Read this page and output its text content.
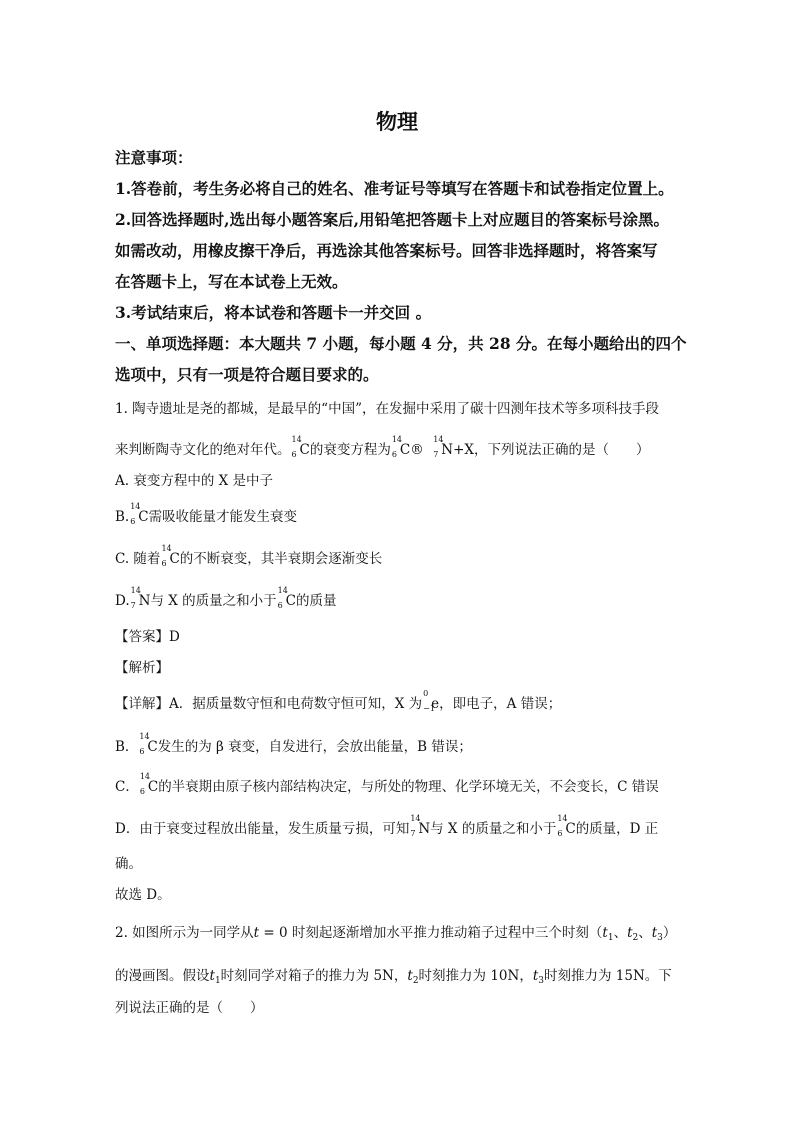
物理
注意事项：
1.答卷前，考生务必将自己的姓名、准考证号等填写在答题卡和试卷指定位置上。
2.回答选择题时,选出每小题答案后,用铅笔把答题卡上对应题目的答案标号涂黑。
如需改动，用橡皮擦干净后，再选涂其他答案标号。回答非选择题时，将答案写
在答题卡上，写在本试卷上无效。
3.考试结束后，将本试卷和答题卡一并交回 。
一、单项选择题：本大题共 7 小题，每小题 4 分，共 28 分。在每小题给出的四个
选项中，只有一项是符合题目要求的。
1. 陶寺遗址是尧的都城，是最早的“中国”，在发掘中采用了碳十四测年技术等多项科技手段
来判断陶寺文化的绝对年代。
14
6 C的衰变方程为
14
6 C®
14
7 N+X，下列说法正确的是（　　）
A. 衰变方程中的 X 是中子
B.
14
6 C需吸收能量才能发生衰变
C. 随着
14
6 C的不断衰变，其半衰期会逐渐变长
D.
14
7 N与 X 的质量之和小于
14
6 C的质量
【答案】D
【解析】
【详解】A．据质量数守恒和电荷数守恒可知，X 为
0
−1
e，即电子，A 错误；
B．
14
6 C发生的为 β 衰变，自发进行，会放出能量，B 错误；
C．
14
6 C的半衰期由原子核内部结构决定，与所处的物理、化学环境无关，不会变长，C 错误
D．由于衰变过程放出能量，发生质量亏损，可知
14
7 N与 X 的质量之和小于
14
6 C的质量，D 正
确。
故选 D。
2. 如图所示为一同学从t = 0 时刻起逐渐增加水平推力推动箱子过程中三个时刻（$t_1$、$t_2$、$t_3$）
的漫画图。假设$t_1$时刻同学对箱子的推力为 5N，$t_2$时刻推力为 10N，$t_3$时刻推力为 15N。下
列说法正确的是（　　）
